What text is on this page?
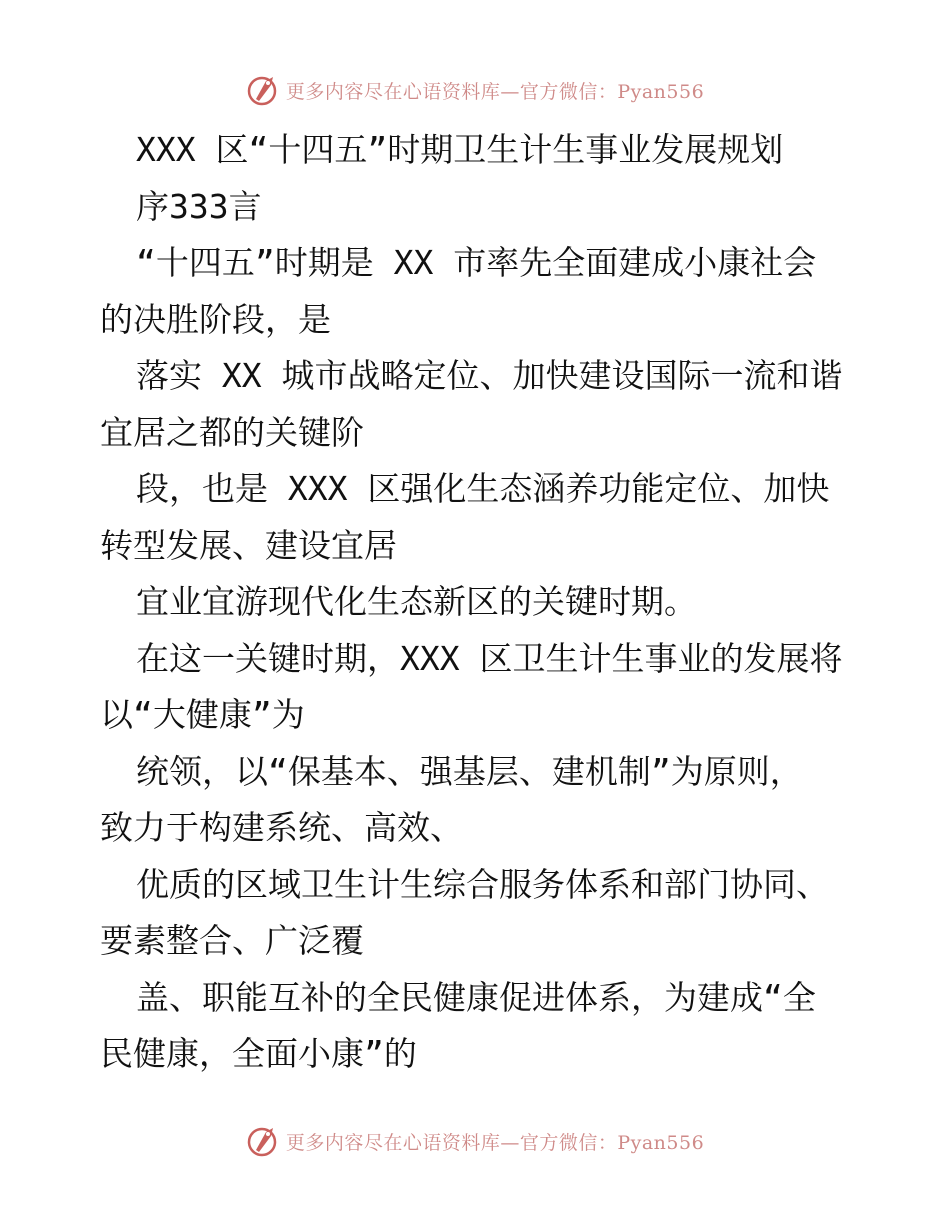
更多内容尽在心语资料库—官方微信：Pyan556
XXX 区“十四五”时期卫生计生事业发展规划
序333言
“十四五”时期是 XX 市率先全面建成小康社会
的决胜阶段，是
落实 XX 城市战略定位、加快建设国际一流和谐
宜居之都的关键阶
段，也是 XXX 区强化生态涵养功能定位、加快
转型发展、建设宜居
宜业宜游现代化生态新区的关键时期。
在这一关键时期，XXX 区卫生计生事业的发展将
以“大健康”为
统领，以“保基本、强基层、建机制”为原则，
致力于构建系统、高效、
优质的区域卫生计生综合服务体系和部门协同、
要素整合、广泛覆
盖、职能互补的全民健康促进体系，为建成“全
民健康，全面小康”的
更多内容尽在心语资料库—官方微信：Pyan556
